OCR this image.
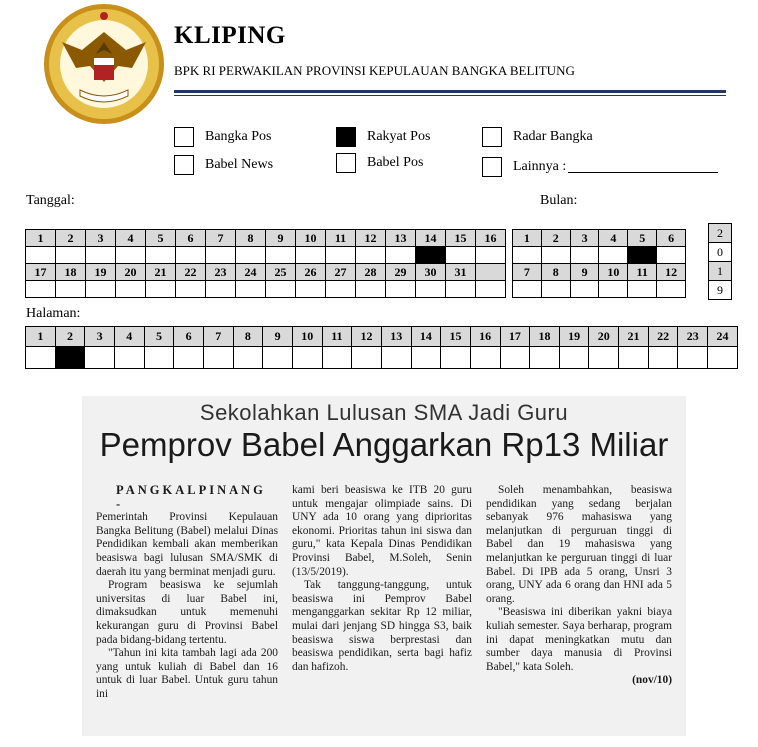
KLIPING
BPK RI PERWAKILAN PROVINSI KEPULAUAN BANGKA BELITUNG
Bangka Pos	Rakyat Pos	Radar Bangka
Babel News	Babel Pos	Lainnya :
Tanggal:	Bulan:
Halaman:
1	2	3	4	5	6	7	8	9	10	11	12	13	14	15	16

17	18	19	20	21	22	23	24	25	26	27	28	29	30	31	

1	2	3	4	5	6

7	8	9	10	11	12

2
0
1
9
1	2	3	4	5	6	7	8	9	10	11	12	13	14	15	16	17	18	19	20	21	22	23	24

Sekolahkan Lulusan SMA Jadi Guru
Pemprov Babel Anggarkan Rp13 Miliar
PANGKALPINANG -

Pemerintah Provinsi Kepulauan Bangka Belitung (Babel) melalui Dinas Pendidikan kembali akan memberikan beasiswa bagi lulusan SMA/SMK di daerah itu yang berminat menjadi guru.

Program beasiswa ke sejumlah universitas di luar Babel ini, dimaksudkan untuk memenuhi kekurangan guru di Provinsi Babel pada bidang-bidang tertentu.

"Tahun ini kita tambah lagi ada 200 yang untuk kuliah di Babel dan 16 untuk di luar Babel. Untuk guru tahun ini

kami beri beasiswa ke ITB 20 guru untuk mengajar olimpiade sains. Di UNY ada 10 orang yang diprioritas ekonomi. Prioritas tahun ini siswa dan guru," kata Kepala Dinas Pendidikan Provinsi Babel, M.Soleh, Senin (13/5/2019).

Tak tanggung-tanggung, untuk beasiswa ini Pemprov Babel menganggarkan sekitar Rp 12 miliar, mulai dari jenjang SD hingga S3, baik beasiswa siswa berprestasi dan beasiswa pendidikan, serta bagi hafiz dan hafizoh.

Soleh menambahkan, beasiswa pendidikan yang sedang berjalan sebanyak 976 mahasiswa yang melanjutkan di perguruan tinggi di Babel dan 19 mahasiswa yang melanjutkan ke perguruan tinggi di luar Babel. Di IPB ada 5 orang, Unsri 3 orang, UNY ada 6 orang dan HNI ada 5 orang.

"Beasiswa ini diberikan yakni biaya kuliah semester. Saya berharap, program ini dapat meningkatkan mutu dan sumber daya manusia di Provinsi Babel," kata Soleh.

(nov/10)
